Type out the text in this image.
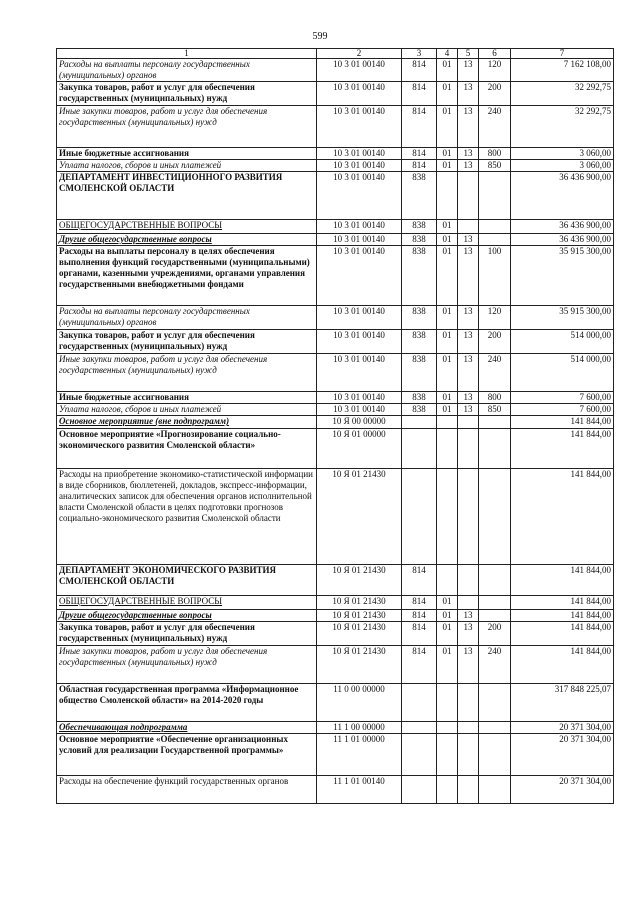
599
1	2	3	4	5	6	7
Расходы на выплаты персоналу государственных (муниципальных) органов	10 3 01 00140	814	01	13	120	7 162 108,00
Закупка товаров, работ и услуг для обеспечения государственных (муниципальных) нужд	10 3 01 00140	814	01	13	200	32 292,75
Иные закупки товаров, работ и услуг для обеспечения государственных (муниципальных) нужд	10 3 01 00140	814	01	13	240	32 292,75
Иные бюджетные ассигнования	10 3 01 00140	814	01	13	800	3 060,00
Уплата налогов, сборов и иных платежей	10 3 01 00140	814	01	13	850	3 060,00
ДЕПАРТАМЕНТ ИНВЕСТИЦИОННОГО РАЗВИТИЯ СМОЛЕНСКОЙ ОБЛАСТИ	10 3 01 00140	838				36 436 900,00
ОБЩЕГОСУДАРСТВЕННЫЕ ВОПРОСЫ	10 3 01 00140	838	01			36 436 900,00
Другие общегосударственные вопросы	10 3 01 00140	838	01	13		36 436 900,00
Расходы на выплаты персоналу в целях обеспечения выполнения функций государственными (муниципальными) органами, казенными учреждениями, органами управления государственными внебюджетными фондами	10 3 01 00140	838	01	13	100	35 915 300,00
Расходы на выплаты персоналу государственных (муниципальных) органов	10 3 01 00140	838	01	13	120	35 915 300,00
Закупка товаров, работ и услуг для обеспечения государственных (муниципальных) нужд	10 3 01 00140	838	01	13	200	514 000,00
Иные закупки товаров, работ и услуг для обеспечения государственных (муниципальных) нужд	10 3 01 00140	838	01	13	240	514 000,00
Иные бюджетные ассигнования	10 3 01 00140	838	01	13	800	7 600,00
Уплата налогов, сборов и иных платежей	10 3 01 00140	838	01	13	850	7 600,00
Основное мероприятие (вне подпрограмм)	10 Я 00 00000					141 844,00
Основное мероприятие «Прогнозирование социально-экономического развития Смоленской области»	10 Я 01 00000					141 844,00
Расходы на приобретение экономико-статистической информации в виде сборников, бюллетеней, докладов, экспресс-информации, аналитических записок для обеспечения органов исполнительной власти Смоленской области в целях подготовки прогнозов социально-экономического развития Смоленской области	10 Я 01 21430					141 844,00
ДЕПАРТАМЕНТ ЭКОНОМИЧЕСКОГО РАЗВИТИЯ СМОЛЕНСКОЙ ОБЛАСТИ	10 Я 01 21430	814				141 844,00
ОБЩЕГОСУДАРСТВЕННЫЕ ВОПРОСЫ	10 Я 01 21430	814	01			141 844,00
Другие общегосударственные вопросы	10 Я 01 21430	814	01	13		141 844,00
Закупка товаров, работ и услуг для обеспечения государственных (муниципальных) нужд	10 Я 01 21430	814	01	13	200	141 844,00
Иные закупки товаров, работ и услуг для обеспечения государственных (муниципальных) нужд	10 Я 01 21430	814	01	13	240	141 844,00
Областная государственная программа «Информационное общество Смоленской области» на 2014-2020 годы	11 0 00 00000					317 848 225,07
Обеспечивающая подпрограмма	11 1 00 00000					20 371 304,00
Основное мероприятие «Обеспечение организационных условий для реализации Государственной программы»	11 1 01 00000					20 371 304,00
Расходы на обеспечение функций государственных органов	11 1 01 00140					20 371 304,00
